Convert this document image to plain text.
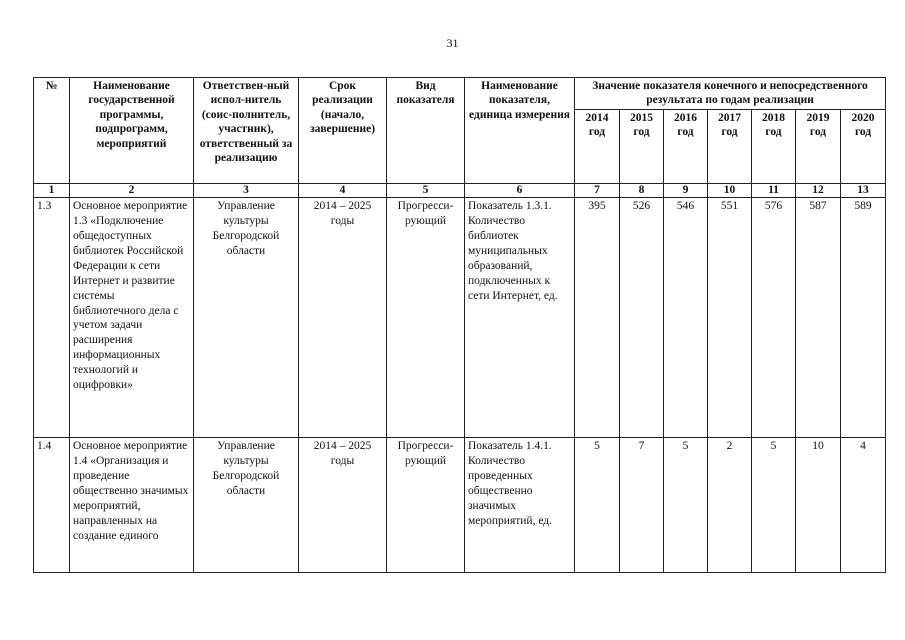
31
№	Наименование государственной программы, подпрограмм, мероприятий	Ответствен-ный испол-нитель (соис-полнитель, участник), ответственный за реализацию	Срок реализации (начало, завершение)	Вид показателя	Наименование показателя, единица измерения	Значение показателя конечного и непосредственного результата по годам реализации						
						2014 год	2015 год	2016 год	2017 год	2018 год	2019 год	2020 год
1	2	3	4	5	6	7	8	9	10	11	12	13
1.3	Основное мероприятие 1.3 «Подключение общедоступных библиотек Российской Федерации к сети Интернет и развитие системы библиотечного дела с учетом задачи расширения информационных технологий и оцифровки»	Управление культуры Белгородской области	2014 – 2025 годы	Прогресси-рующий	Показатель 1.3.1. Количество библиотек муниципальных образований, подключенных к сети Интернет, ед.	395	526	546	551	576	587	589
1.4	Основное мероприятие 1.4 «Организация и проведение общественно значимых мероприятий, направленных на создание единого	Управление культуры Белгородской области	2014 – 2025 годы	Прогресси-рующий	Показатель 1.4.1. Количество проведенных общественно значимых мероприятий, ед.	5	7	5	2	5	10	4
